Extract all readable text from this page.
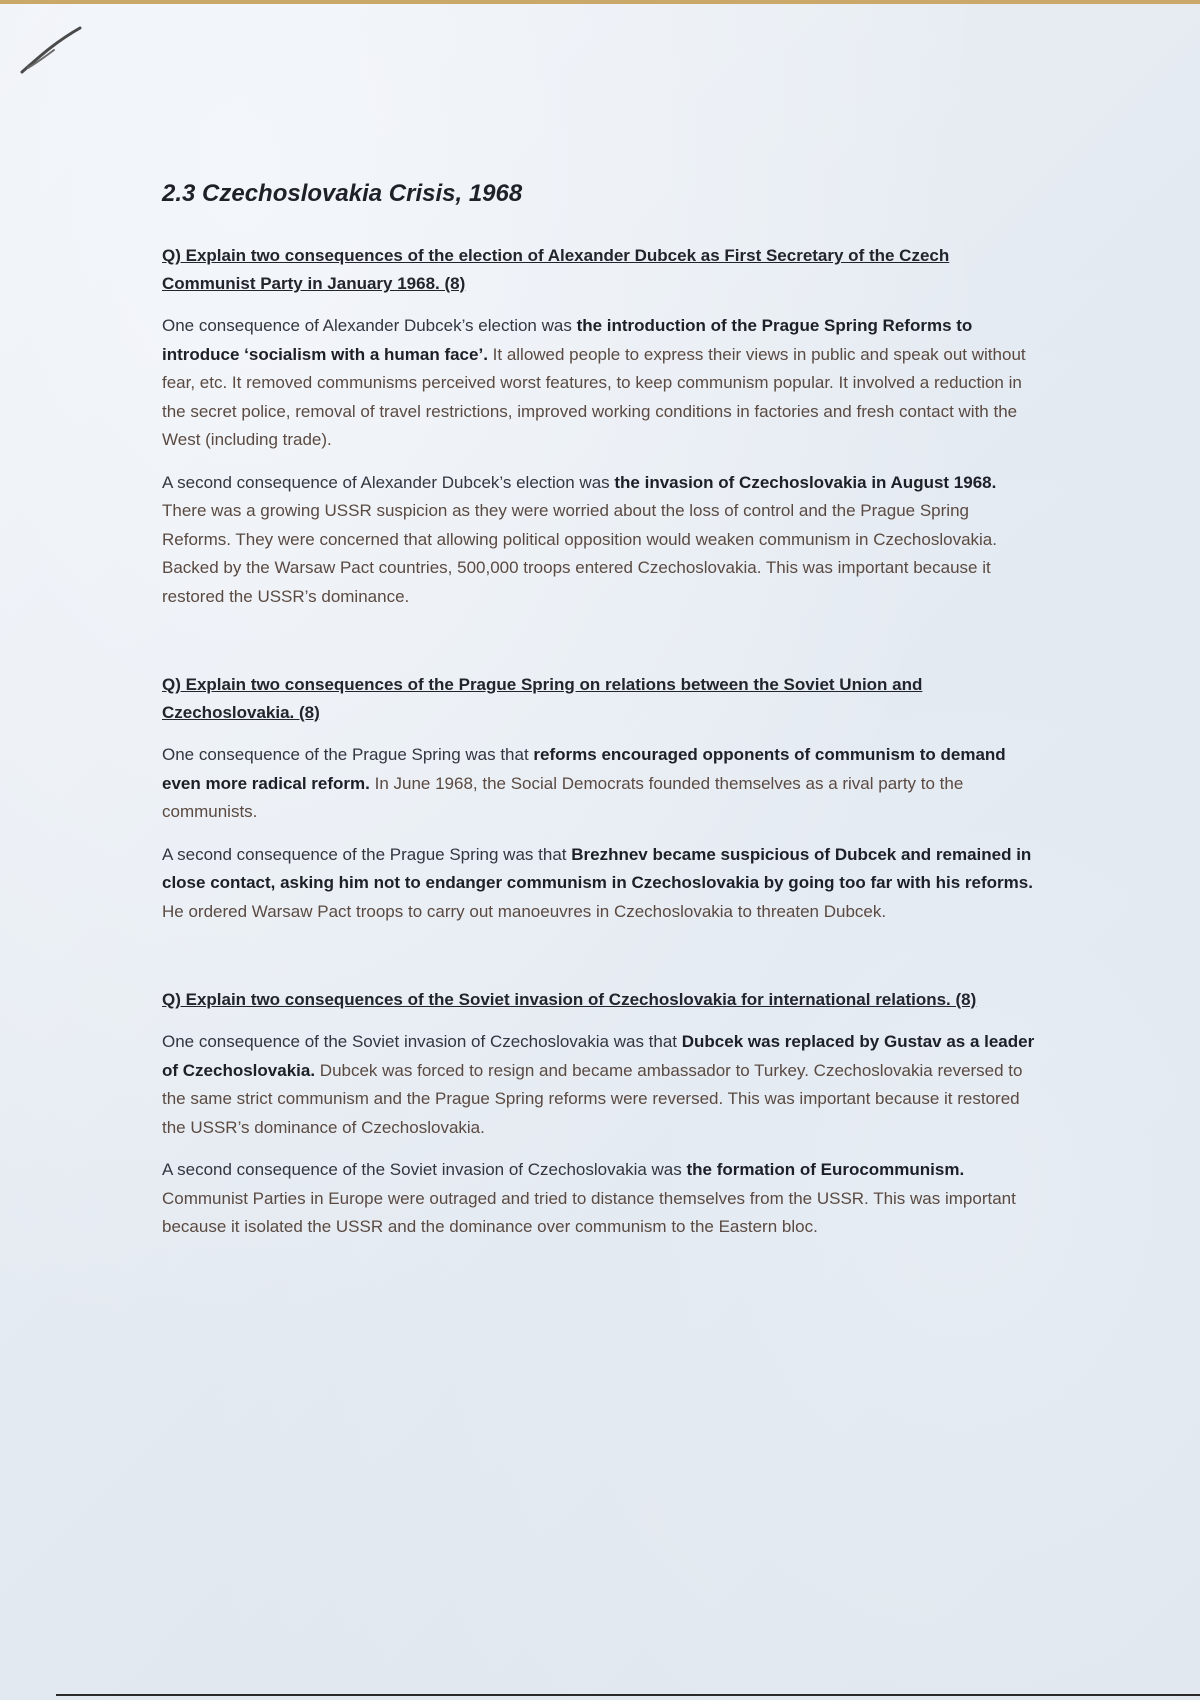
2.3 Czechoslovakia Crisis, 1968

Q) Explain two consequences of the election of Alexander Dubcek as First Secretary of the Czech Communist Party in January 1968. (8)

One consequence of Alexander Dubcek’s election was the introduction of the Prague Spring Reforms to introduce ‘socialism with a human face’. It allowed people to express their views in public and speak out without fear, etc. It removed communisms perceived worst features, to keep communism popular. It involved a reduction in the secret police, removal of travel restrictions, improved working conditions in factories and fresh contact with the West (including trade).

A second consequence of Alexander Dubcek’s election was the invasion of Czechoslovakia in August 1968. There was a growing USSR suspicion as they were worried about the loss of control and the Prague Spring Reforms. They were concerned that allowing political opposition would weaken communism in Czechoslovakia. Backed by the Warsaw Pact countries, 500,000 troops entered Czechoslovakia. This was important because it restored the USSR’s dominance.

Q) Explain two consequences of the Prague Spring on relations between the Soviet Union and Czechoslovakia. (8)

One consequence of the Prague Spring was that reforms encouraged opponents of communism to demand even more radical reform. In June 1968, the Social Democrats founded themselves as a rival party to the communists.

A second consequence of the Prague Spring was that Brezhnev became suspicious of Dubcek and remained in close contact, asking him not to endanger communism in Czechoslovakia by going too far with his reforms. He ordered Warsaw Pact troops to carry out manoeuvres in Czechoslovakia to threaten Dubcek.

Q) Explain two consequences of the Soviet invasion of Czechoslovakia for international relations. (8)

One consequence of the Soviet invasion of Czechoslovakia was that Dubcek was replaced by Gustav as a leader of Czechoslovakia. Dubcek was forced to resign and became ambassador to Turkey. Czechoslovakia reversed to the same strict communism and the Prague Spring reforms were reversed. This was important because it restored the USSR’s dominance of Czechoslovakia.

A second consequence of the Soviet invasion of Czechoslovakia was the formation of Eurocommunism. Communist Parties in Europe were outraged and tried to distance themselves from the USSR. This was important because it isolated the USSR and the dominance over communism to the Eastern bloc.
